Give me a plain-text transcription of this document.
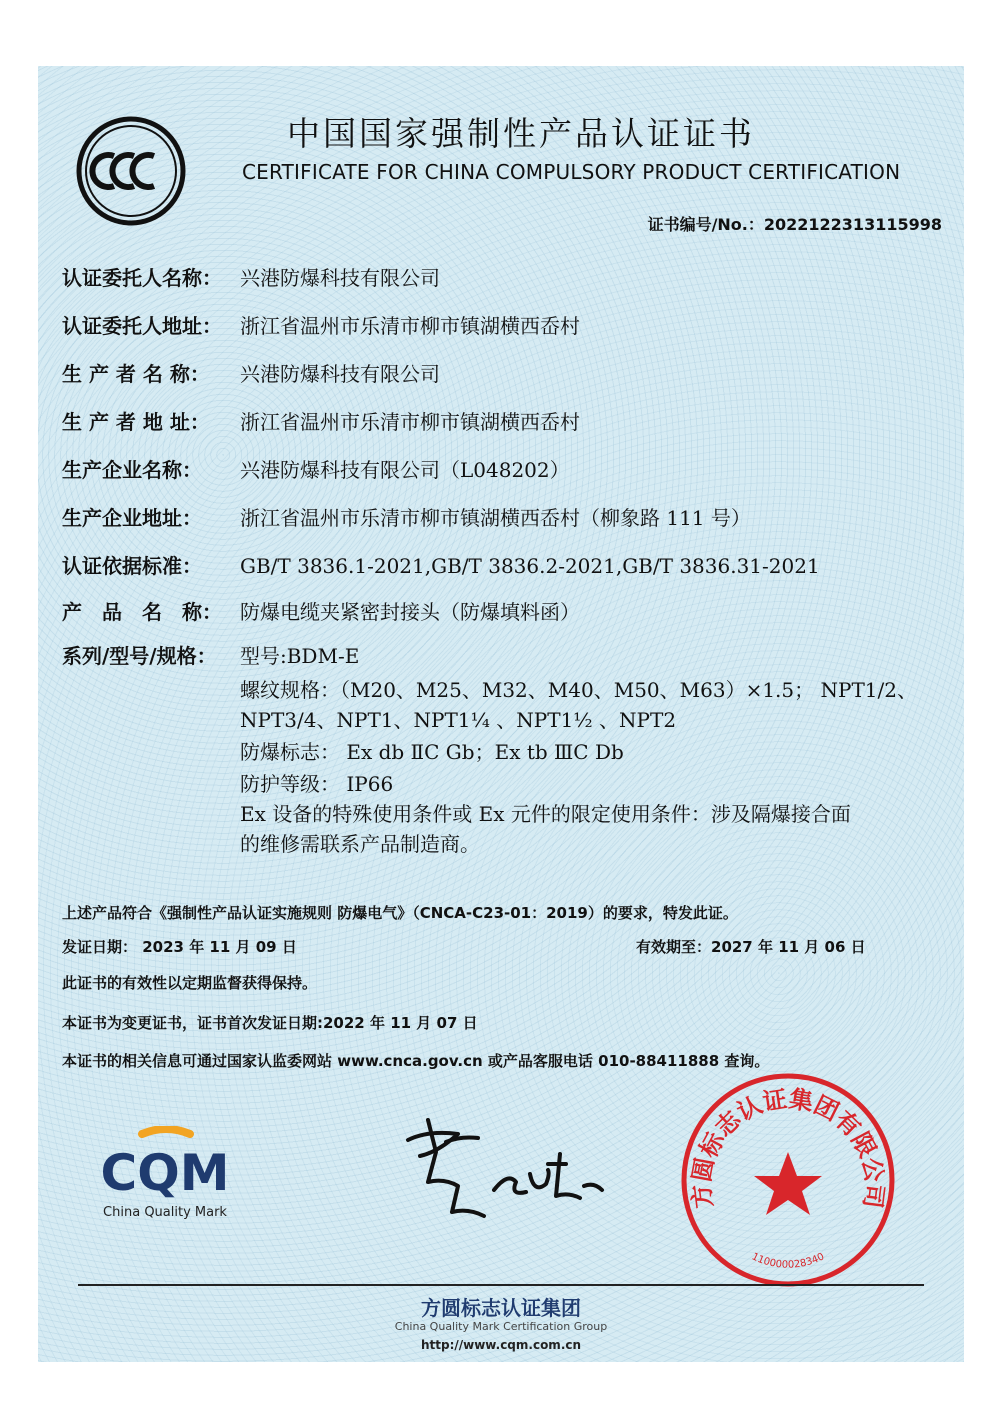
中国国家强制性产品认证证书
CERTIFICATE FOR CHINA COMPULSORY PRODUCT CERTIFICATION
证书编号/No.：2022122313115998
认证委托人名称： 兴港防爆科技有限公司
认证委托人地址： 浙江省温州市乐清市柳市镇湖横西岙村
生 产 者 名 称： 兴港防爆科技有限公司
生 产 者 地 址： 浙江省温州市乐清市柳市镇湖横西岙村
生产企业名称： 兴港防爆科技有限公司（L048202）
生产企业地址： 浙江省温州市乐清市柳市镇湖横西岙村（柳象路 111 号）
认证依据标准： GB/T 3836.1-2021,GB/T 3836.2-2021,GB/T 3836.31-2021
产　品　名　称： 防爆电缆夹紧密封接头（防爆填料函）
系列/型号/规格： 型号:BDM-E
螺纹规格：（M20、M25、M32、M40、M50、M63）×1.5； NPT1/2、
NPT3/4、NPT1、NPT1¼ 、NPT1½ 、NPT2
防爆标志： Ex db ⅡC Gb；Ex tb ⅢC Db
防护等级： IP66
Ex 设备的特殊使用条件或 Ex 元件的限定使用条件：涉及隔爆接合面
的维修需联系产品制造商。
上述产品符合《强制性产品认证实施规则 防爆电气》（CNCA-C23-01：2019）的要求，特发此证。
发证日期： 2023 年 11 月 09 日	有效期至：2027 年 11 月 06 日
此证书的有效性以定期监督获得保持。
本证书为变更证书，证书首次发证日期:2022 年 11 月 07 日
本证书的相关信息可通过国家认监委网站 www.cnca.gov.cn 或产品客服电话 010-88411888 查询。
CQM
China Quality Mark
方圆标志认证集团有限公司
110000028340
方圆标志认证集团
China Quality Mark Certification Group
http://www.cqm.com.cn
